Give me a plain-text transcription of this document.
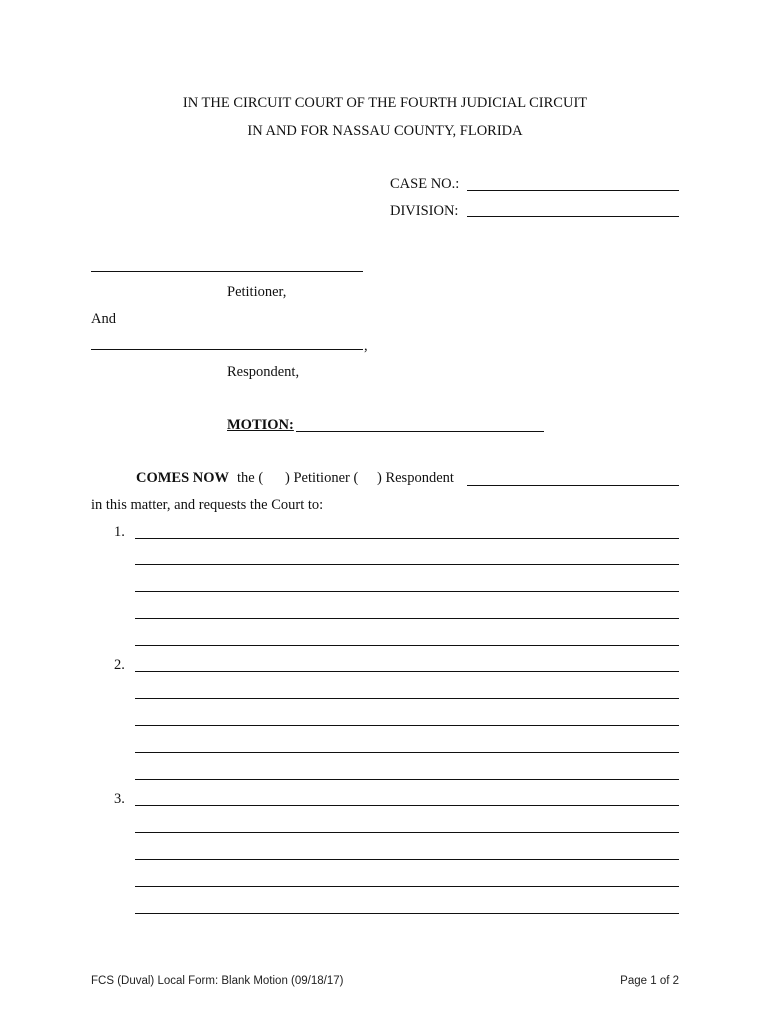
IN THE CIRCUIT COURT OF THE FOURTH JUDICIAL CIRCUIT
IN AND FOR NASSAU COUNTY, FLORIDA
CASE NO.:
DIVISION:
Petitioner,
And
,
Respondent,
MOTION:
COMES NOW the ( ) Petitioner ( ) Respondent
in this matter, and requests the Court to:
1.
2.
3.
FCS (Duval) Local Form: Blank Motion (09/18/17)	Page 1 of 2
